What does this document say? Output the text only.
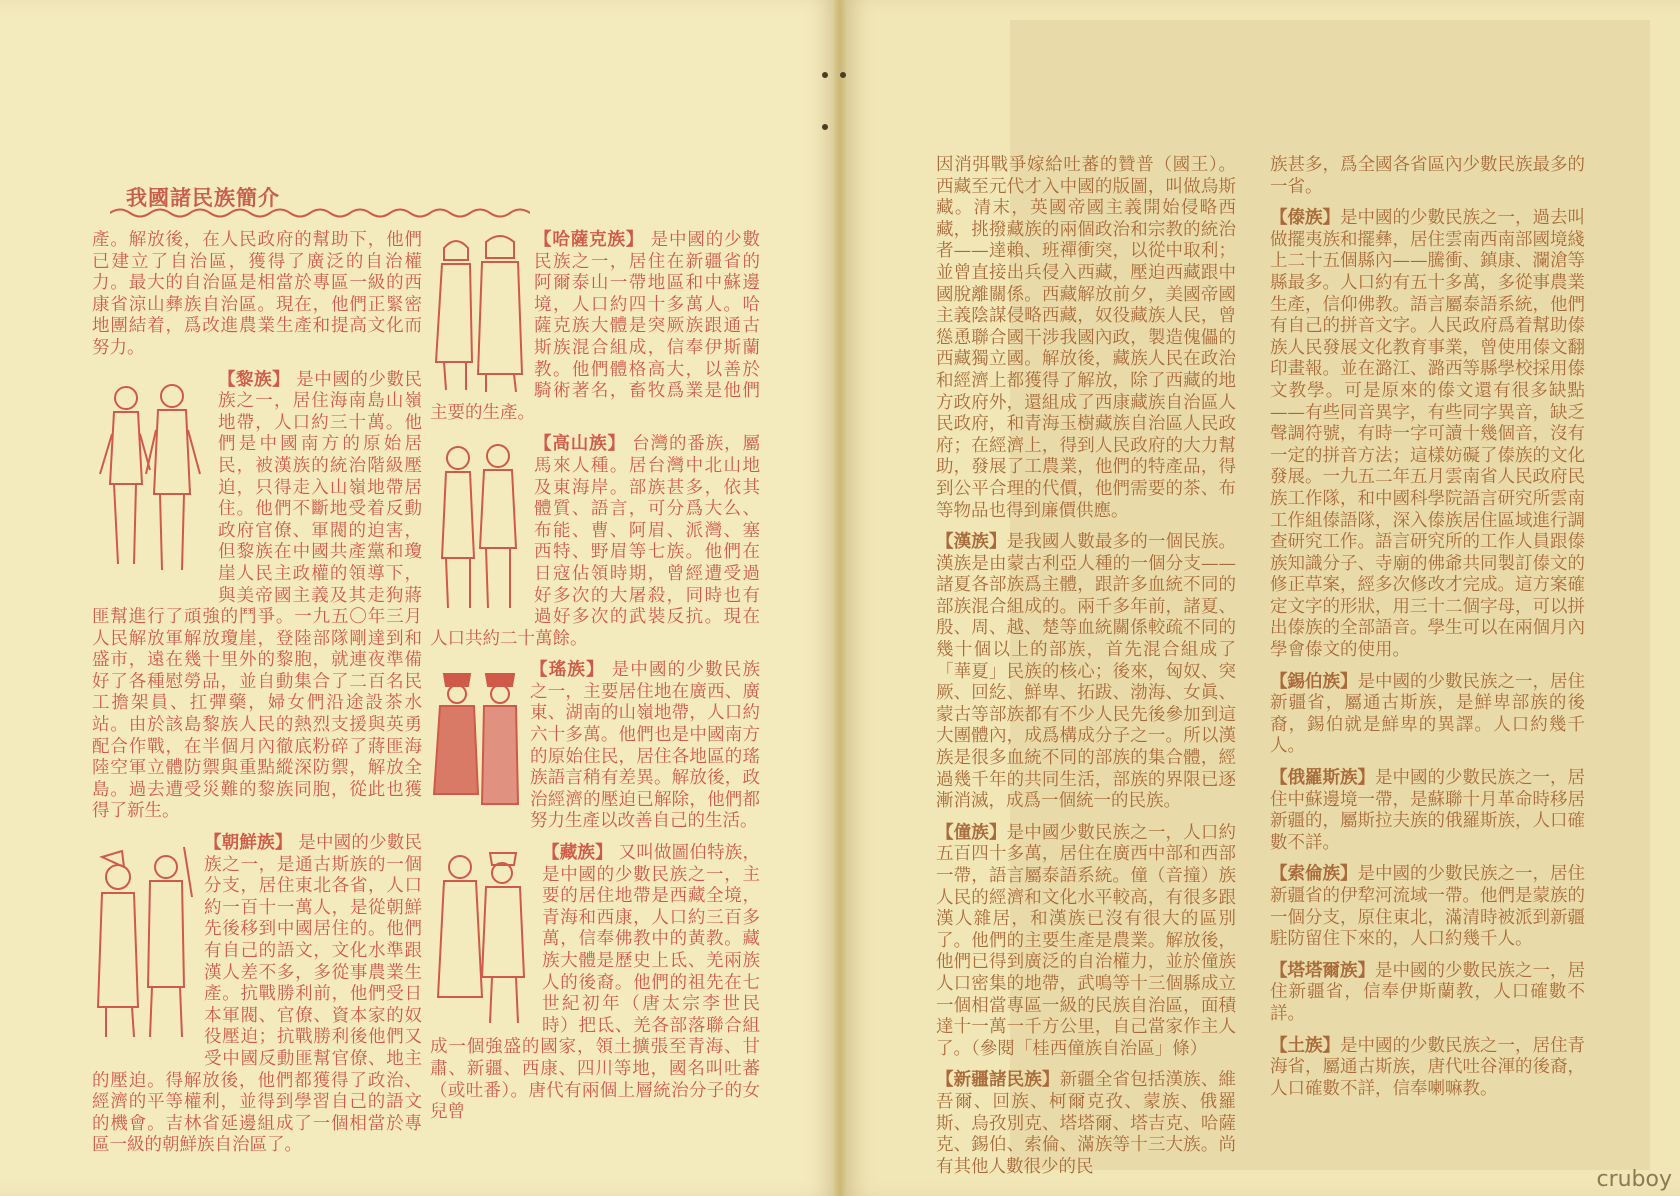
我國諸民族簡介

產。解放後，在人民政府的幫助下，他們已建立了自治區，獲得了廣泛的自治權力。最大的自治區是相當於專區一級的西康省涼山彝族自治區。現在，他們正緊密地團結着，爲改進農業生產和提高文化而努力。

【黎族】 是中國的少數民族之一，居住海南島山嶺地帶，人口約三十萬。他們是中國南方的原始居民，被漢族的統治階級壓迫，只得走入山嶺地帶居住。他們不斷地受着反動政府官僚、軍閥的迫害，但黎族在中國共產黨和瓊崖人民主政權的領導下，與美帝國主義及其走狗蔣匪幫進行了頑強的鬥爭。一九五〇年三月人民解放軍解放瓊崖，登陸部隊剛達到和盛市，遠在幾十里外的黎胞，就連夜準備好了各種慰勞品，並自動集合了二百名民工擔架員、扛彈藥，婦女們沿途設茶水站。由於該島黎族人民的熱烈支援與英勇配合作戰，在半個月內徹底粉碎了蔣匪海陸空軍立體防禦與重點縱深防禦，解放全島。過去遭受災難的黎族同胞，從此也獲得了新生。

【朝鮮族】 是中國的少數民族之一，是通古斯族的一個分支，居住東北各省，人口約一百十一萬人，是從朝鮮先後移到中國居住的。他們有自己的語文，文化水準跟漢人差不多，多從事農業生產。抗戰勝利前，他們受日本軍閥、官僚、資本家的奴役壓迫；抗戰勝利後他們又受中國反動匪幫官僚、地主的壓迫。得解放後，他們都獲得了政治、經濟的平等權利，並得到學習自己的語文的機會。吉林省延邊組成了一個相當於專區一級的朝鮮族自治區了。

【哈薩克族】 是中國的少數民族之一，居住在新疆省的阿爾泰山一帶地區和中蘇邊境，人口約四十多萬人。哈薩克族大體是突厥族跟通古斯族混合組成，信奉伊斯蘭教。他們體格高大，以善於騎術著名，畜牧爲業是他們主要的生產。

【高山族】 台灣的番族，屬馬來人種。居台灣中北山地及東海岸。部族甚多，依其體質、語言，可分爲大么、布能、曹、阿眉、派灣、塞西特、野眉等七族。他們在日寇佔領時期，曾經遭受過好多次的大屠殺，同時也有過好多次的武裝反抗。現在人口共約二十萬餘。

【瑤族】 是中國的少數民族之一，主要居住地在廣西、廣東、湖南的山嶺地帶，人口約六十多萬。他們也是中國南方的原始住民，居住各地區的瑤族語言稍有差異。解放後，政治經濟的壓迫已解除，他們都努力生產以改善自己的生活。

【藏族】 又叫做圖伯特族，是中國的少數民族之一，主要的居住地帶是西藏全境，青海和西康，人口約三百多萬，信奉佛教中的黃教。藏族大體是歷史上氐、羌兩族人的後裔。他們的祖先在七世紀初年（唐太宗李世民時）把氐、羌各部落聯合組成一個強盛的國家，領土擴張至青海、甘肅、新疆、西康、四川等地，國名叫吐蕃（或吐番）。唐代有兩個上層統治分子的女兒曾

因消弭戰爭嫁給吐蕃的贊普（國王）。西藏至元代才入中國的版圖，叫做烏斯藏。清末，英國帝國主義開始侵略西藏，挑撥藏族的兩個政治和宗教的統治者——達賴、班禪衝突，以從中取利；並曾直接出兵侵入西藏，壓迫西藏跟中國脫離關係。西藏解放前夕，美國帝國主義陰謀侵略西藏，奴役藏族人民，曾慫恿聯合國干涉我國內政，製造傀儡的西藏獨立國。解放後，藏族人民在政治和經濟上都獲得了解放，除了西藏的地方政府外，還組成了西康藏族自治區人民政府，和青海玉樹藏族自治區人民政府；在經濟上，得到人民政府的大力幫助，發展了工農業，他們的特產品，得到公平合理的代價，他們需要的茶、布等物品也得到廉價供應。

【漢族】是我國人數最多的一個民族。漢族是由蒙古利亞人種的一個分支——諸夏各部族爲主體，跟許多血統不同的部族混合組成的。兩千多年前，諸夏、殷、周、越、楚等血統關係較疏不同的幾十個以上的部族，首先混合組成了「華夏」民族的核心；後來，匈奴、突厥、回紇、鮮卑、拓跋、渤海、女眞、蒙古等部族都有不少人民先後參加到這大團體內，成爲構成分子之一。所以漢族是很多血統不同的部族的集合體，經過幾千年的共同生活，部族的界限已逐漸消滅，成爲一個統一的民族。

【僮族】是中國少數民族之一，人口約五百四十多萬，居住在廣西中部和西部一帶，語言屬泰語系統。僮（音撞）族人民的經濟和文化水平較高，有很多跟漢人雜居，和漢族已沒有很大的區別了。他們的主要生產是農業。解放後，他們已得到廣泛的自治權力，並於僮族人口密集的地帶，武鳴等十三個縣成立一個相當專區一級的民族自治區，面積達十一萬一千方公里，自己當家作主人了。（參閱「桂西僮族自治區」條）

【新疆諸民族】新疆全省包括漢族、維吾爾、回族、柯爾克孜、蒙族、俄羅斯、烏孜別克、塔塔爾、塔吉克、哈薩克、錫伯、索倫、滿族等十三大族。尚有其他人數很少的民

族甚多，爲全國各省區內少數民族最多的一省。

【傣族】是中國的少數民族之一，過去叫做擺夷族和擺彝，居住雲南西南部國境綫上二十五個縣內——騰衝、鎮康、瀾滄等縣最多。人口約有五十多萬，多從事農業生產，信仰佛教。語言屬泰語系統，他們有自己的拼音文字。人民政府爲着幫助傣族人民發展文化教育事業，曾使用傣文翻印畫報。並在潞江、潞西等縣學校採用傣文教學。可是原來的傣文還有很多缺點——有些同音異字，有些同字異音，缺乏聲調符號，有時一字可讀十幾個音，沒有一定的拼音方法；這樣妨礙了傣族的文化發展。一九五二年五月雲南省人民政府民族工作隊，和中國科學院語言研究所雲南工作組傣語隊，深入傣族居住區域進行調查研究工作。語言研究所的工作人員跟傣族知識分子、寺廟的佛爺共同製訂傣文的修正草案，經多次修改才完成。這方案確定文字的形狀，用三十二個字母，可以拼出傣族的全部語音。學生可以在兩個月內學會傣文的使用。

【錫伯族】是中國的少數民族之一，居住新疆省，屬通古斯族，是鮮卑部族的後裔，錫伯就是鮮卑的異譯。人口約幾千人。

【俄羅斯族】是中國的少數民族之一，居住中蘇邊境一帶，是蘇聯十月革命時移居新疆的，屬斯拉夫族的俄羅斯族，人口確數不詳。

【索倫族】是中國的少數民族之一，居住新疆省的伊犂河流域一帶。他們是蒙族的一個分支，原住東北，滿清時被派到新疆駐防留住下來的，人口約幾千人。

【塔塔爾族】是中國的少數民族之一，居住新疆省，信奉伊斯蘭教，人口確數不詳。

【土族】是中國的少數民族之一，居住青海省，屬通古斯族，唐代吐谷渾的後裔，人口確數不詳，信奉喇嘛教。

cruboy
